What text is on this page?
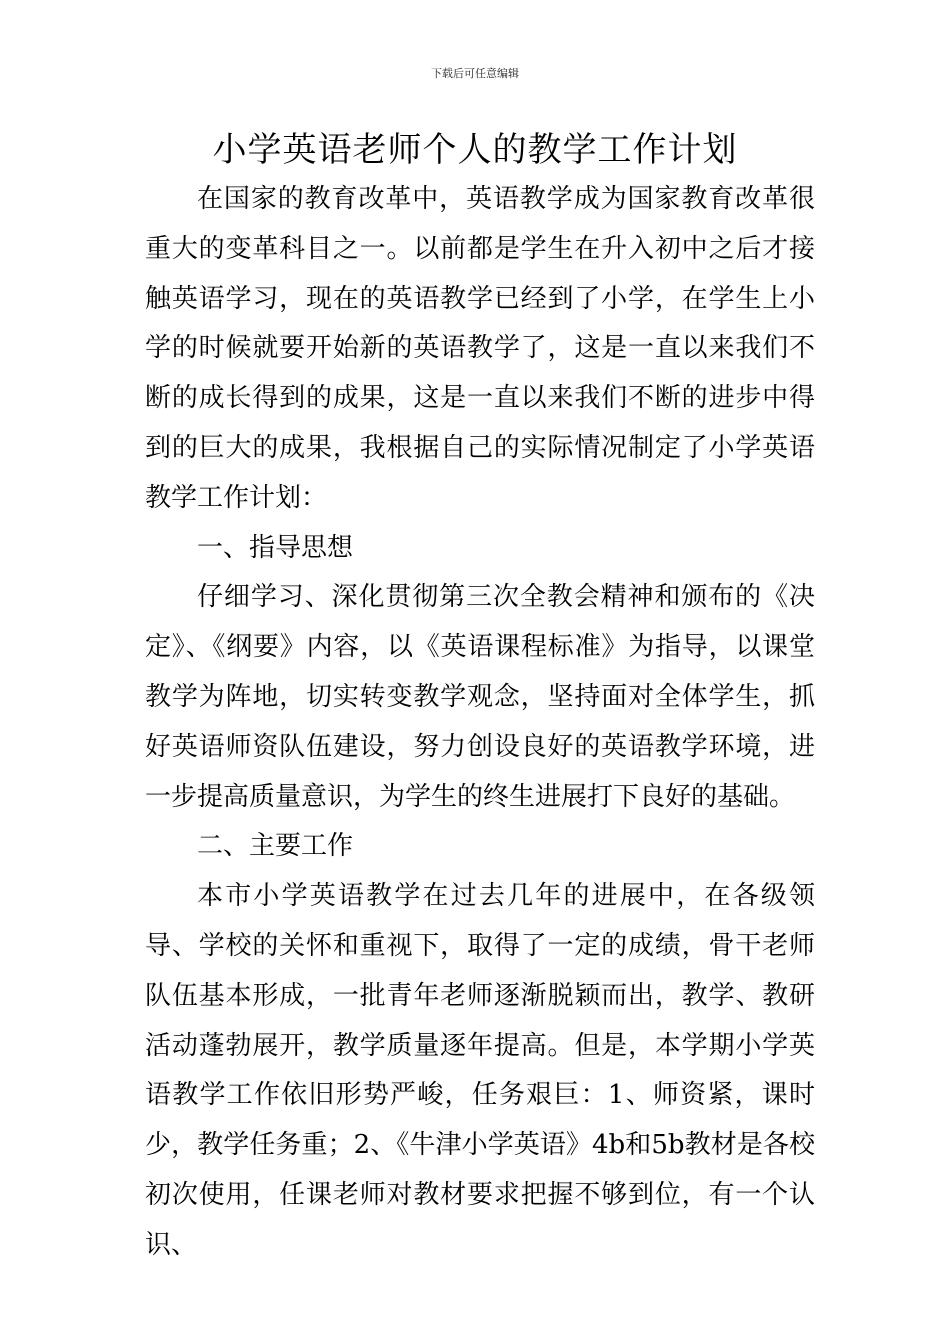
下载后可任意编辑
小学英语老师个人的教学工作计划

在国家的教育改革中，英语教学成为国家教育改革很重大的变革科目之一。以前都是学生在升入初中之后才接触英语学习，现在的英语教学已经到了小学，在学生上小学的时候就要开始新的英语教学了，这是一直以来我们不断的成长得到的成果，这是一直以来我们不断的进步中得到的巨大的成果，我根据自己的实际情况制定了小学英语教学工作计划：

一、指导思想

仔细学习、深化贯彻第三次全教会精神和颁布的《决定》、《纲要》内容，以《英语课程标准》为指导，以课堂教学为阵地，切实转变教学观念，坚持面对全体学生，抓好英语师资队伍建设，努力创设良好的英语教学环境，进一步提高质量意识，为学生的终生进展打下良好的基础。

二、主要工作

本市小学英语教学在过去几年的进展中，在各级领导、学校的关怀和重视下，取得了一定的成绩，骨干老师队伍基本形成，一批青年老师逐渐脱颖而出，教学、教研活动蓬勃展开，教学质量逐年提高。但是，本学期小学英语教学工作依旧形势严峻，任务艰巨：1、师资紧，课时少，教学任务重；2、《牛津小学英语》4b和5b教材是各校初次使用，任课老师对教材要求把握不够到位，有一个认识、
